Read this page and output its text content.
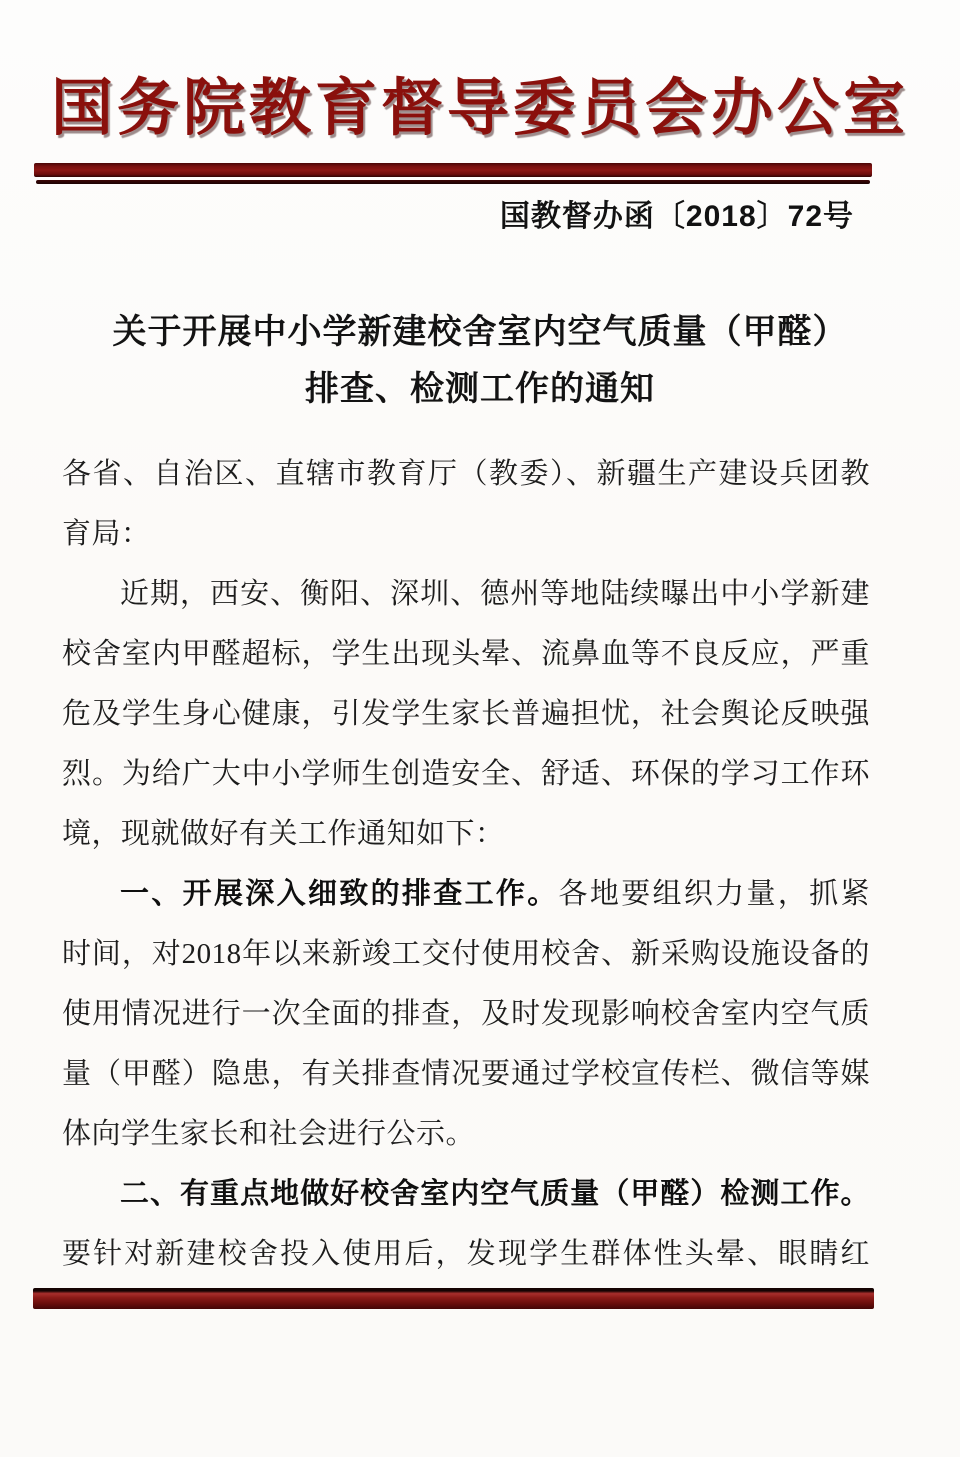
国务院教育督导委员会办公室
国教督办函〔2018〕72号
关于开展中小学新建校舍室内空气质量（甲醛）
排查、检测工作的通知
各省、自治区、直辖市教育厅（教委）、新疆生产建设兵团教
育局：
近期，西安、衡阳、深圳、德州等地陆续曝出中小学新建
校舍室内甲醛超标，学生出现头晕、流鼻血等不良反应，严重
危及学生身心健康，引发学生家长普遍担忧，社会舆论反映强
烈。为给广大中小学师生创造安全、舒适、环保的学习工作环
境，现就做好有关工作通知如下：
一、开展深入细致的排查工作。各地要组织力量，抓紧
时间，对2018年以来新竣工交付使用校舍、新采购设施设备的
使用情况进行一次全面的排查，及时发现影响校舍室内空气质
量（甲醛）隐患，有关排查情况要通过学校宣传栏、微信等媒
体向学生家长和社会进行公示。
二、有重点地做好校舍室内空气质量（甲醛）检测工作。
要针对新建校舍投入使用后，发现学生群体性头晕、眼睛红
